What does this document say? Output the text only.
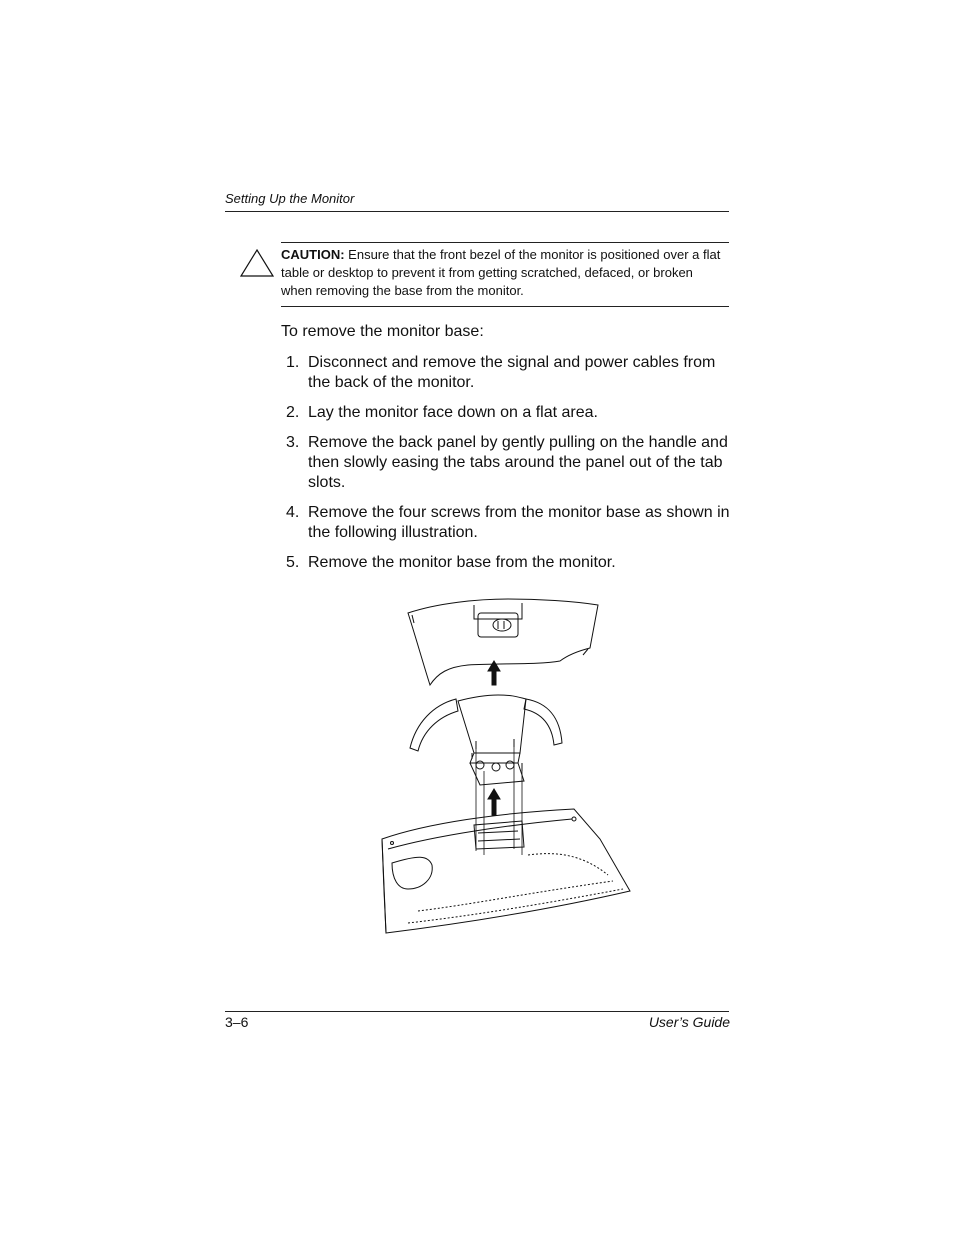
Setting Up the Monitor
CAUTION: Ensure that the front bezel of the monitor is positioned over a flat table or desktop to prevent it from getting scratched, defaced, or broken when removing the base from the monitor.
To remove the monitor base:
1. Disconnect and remove the signal and power cables from the back of the monitor.
2. Lay the monitor face down on a flat area.
3. Remove the back panel by gently pulling on the handle and then slowly easing the tabs around the panel out of the tab slots.
4. Remove the four screws from the monitor base as shown in the following illustration.
5. Remove the monitor base from the monitor.
3–6	User’s Guide
